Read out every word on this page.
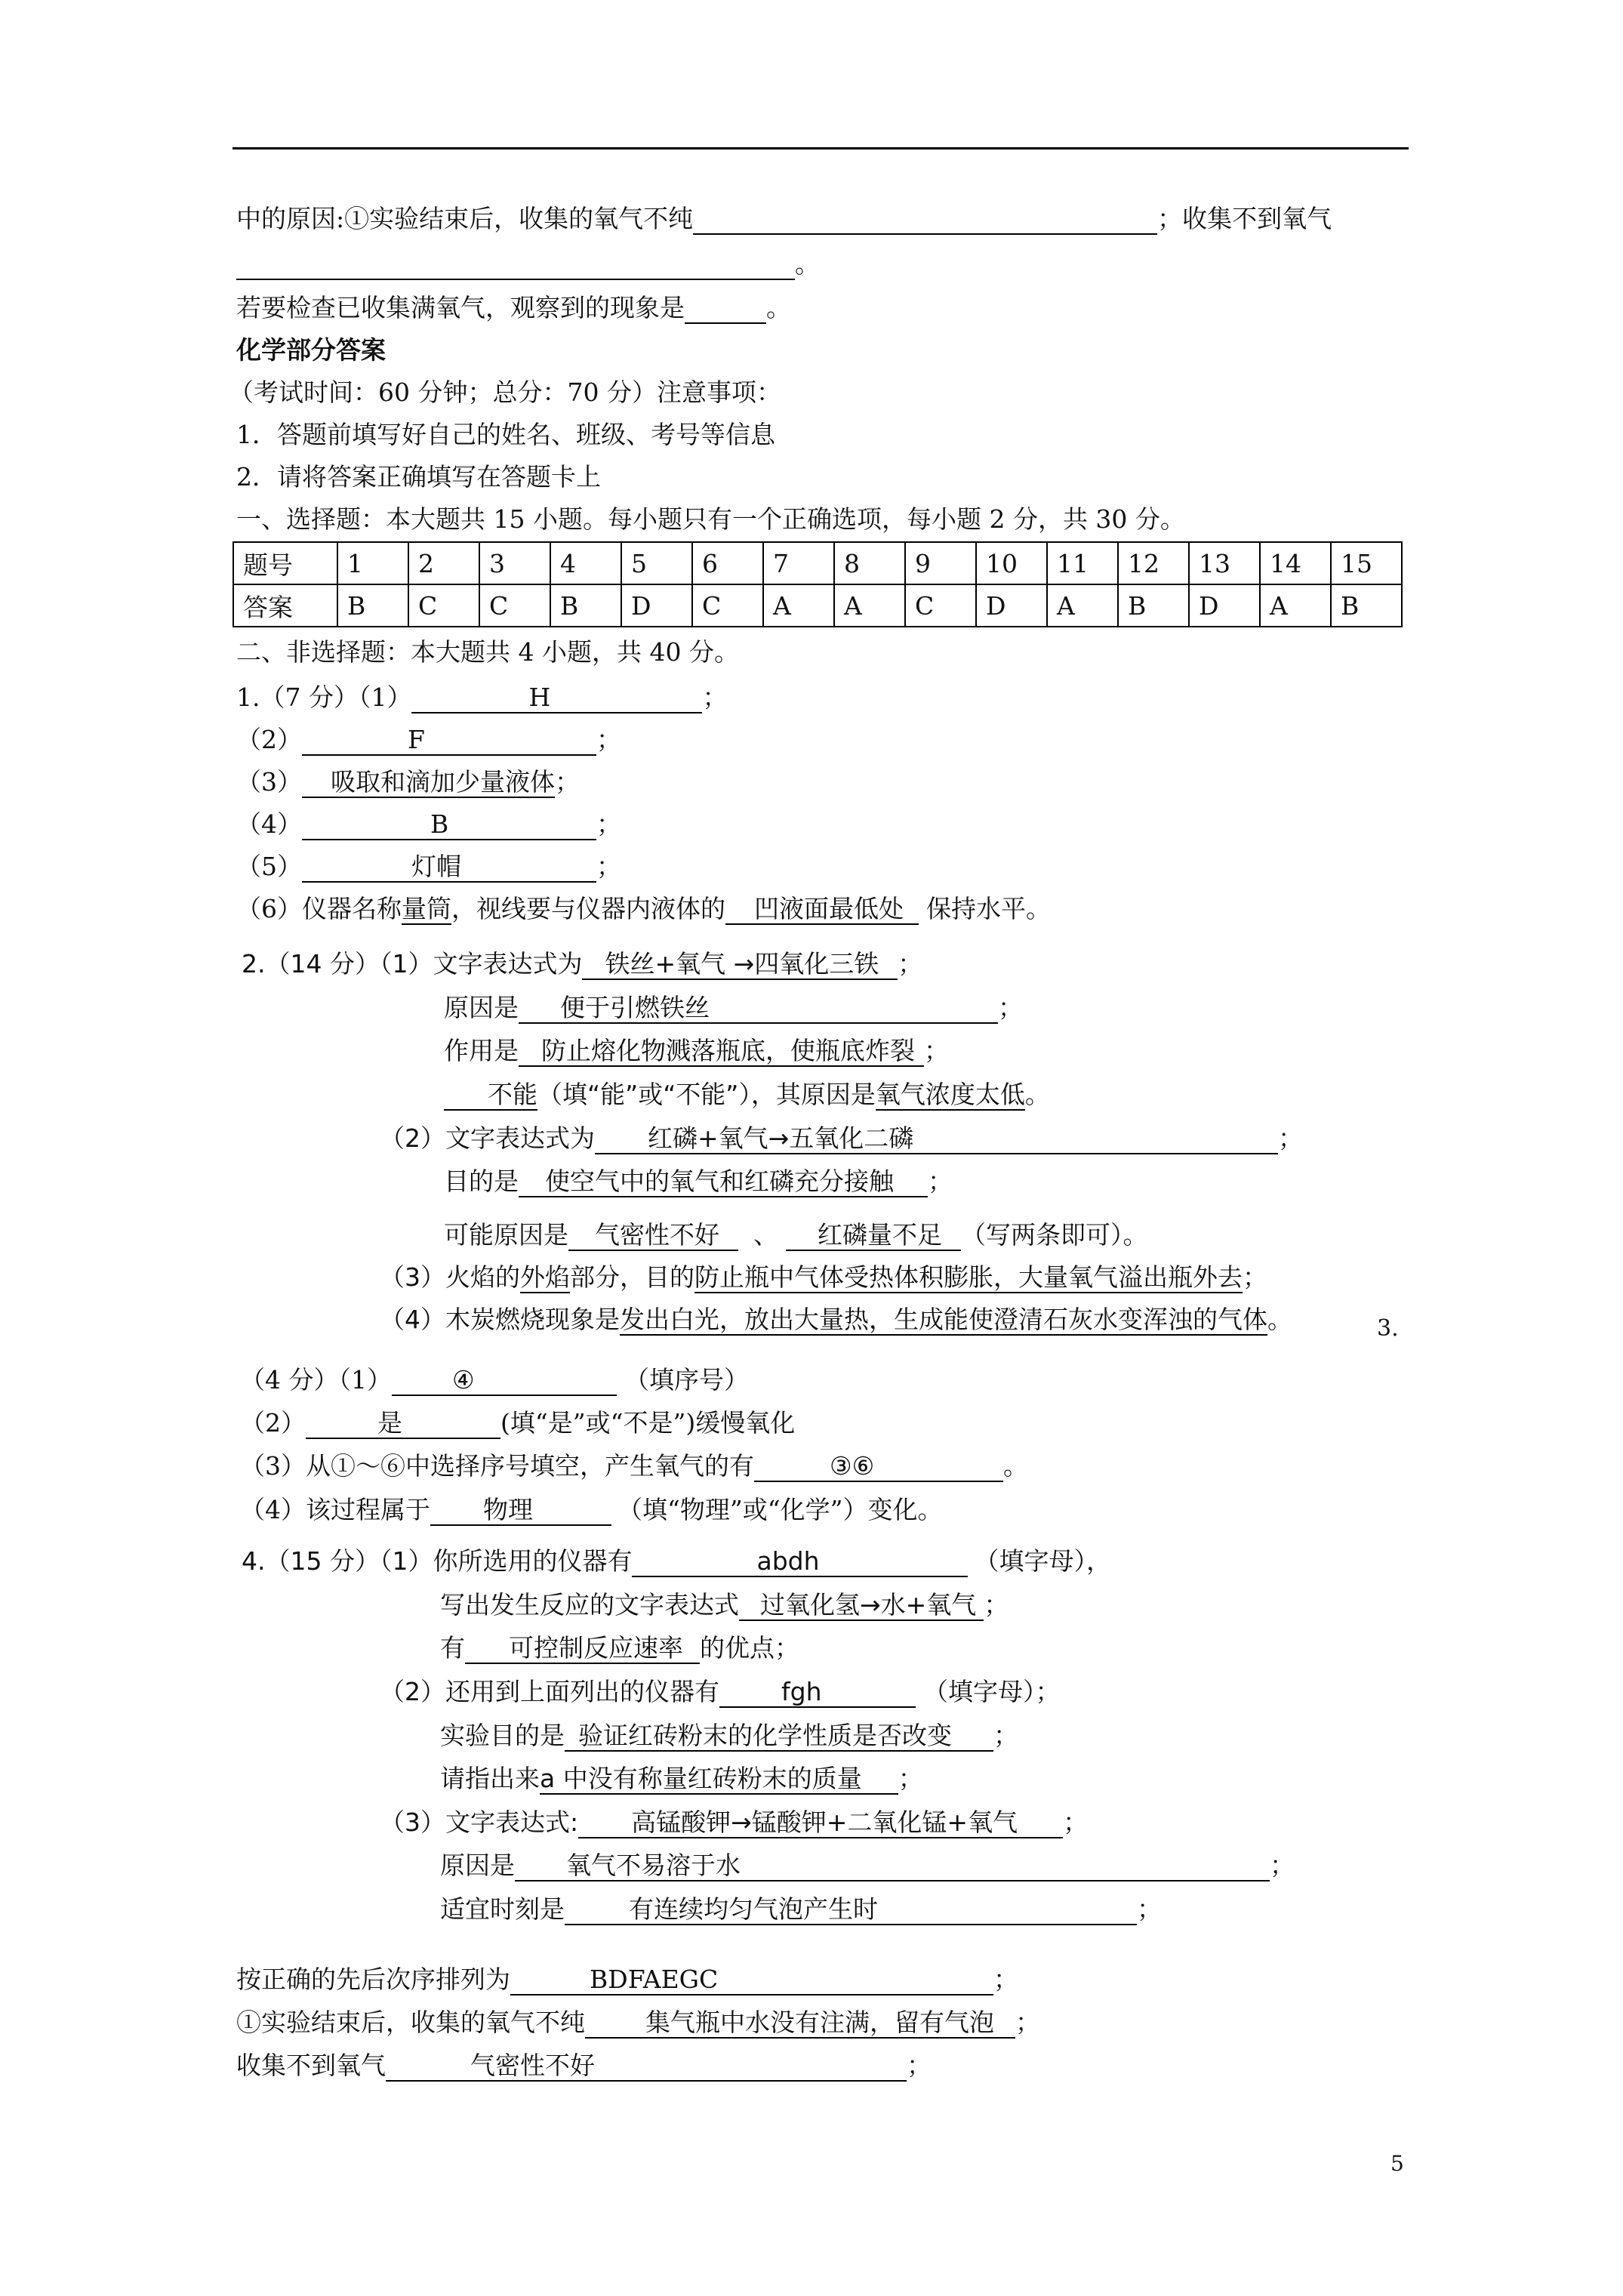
中的原因:①实验结束后，收集的氧气不纯	；收集不到氧气
。
若要检查已收集满氧气，观察到的现象是	。
化学部分答案
（考试时间：60 分钟；总分：70 分）注意事项：
1．答题前填写好自己的姓名、班级、考号等信息
2．请将答案正确填写在答题卡上
一、选择题：本大题共 15 小题。每小题只有一个正确选项，每小题 2 分，共 30 分。
题号	1	2	3	4	5	6	7	8	9	10	11	12	13	14	15
答案	B	C	C	B	D	C	A	A	C	D	A	B	D	A	B
二、非选择题：本大题共 4 小题，共 40 分。
1.（7 分）（1）	H	；
（2）	F	；
（3） 吸取和滴加少量液体；
（4）	B	；
（5）	灯帽	；
（6）仪器名称量筒，视线要与仪器内液体的 凹液面最低处 保持水平。
2.（14 分）（1）文字表达式为 铁丝+氧气 →四氧化三铁 ；
原因是 便于引燃铁丝	；
作用是 防止熔化物溅落瓶底，使瓶底炸裂 ；
不能（填“能”或“不能”），其原因是氧气浓度太低。
（2）文字表达式为 红磷+氧气→五氧化二磷	；
目的是 使空气中的氧气和红磷充分接触 ；
可能原因是 气密性不好 、 红磷量不足 （写两条即可）。
（3）火焰的外焰部分，目的防止瓶中气体受热体积膨胀，大量氧气溢出瓶外去；
（4）木炭燃烧现象是发出白光，放出大量热，生成能使澄清石灰水变浑浊的气体。	3.
（4 分）（1） ④	（填序号）
（2）	是	(填“是”或“不是”)缓慢氧化
（3）从①～⑥中选择序号填空，产生氧气的有	③⑥	。
（4）该过程属于 物理	（填“物理”或“化学”）变化。
4.（15 分）（1）你所选用的仪器有	abdh	（填字母），
写出发生反应的文字表达式 过氧化氢→水+氧气 ；
有 可控制反应速率 的优点；
（2）还用到上面列出的仪器有 fgh	（填字母）；
实验目的是 验证红砖粉末的化学性质是否改变 ；
请指出来a 中没有称量红砖粉末的质量 ；
（3）文字表达式: 高锰酸钾→锰酸钾+二氧化锰+氧气 ；
原因是 氧气不易溶于水	；
适宜时刻是	有连续均匀气泡产生时	；
按正确的先后次序排列为	BDFAEGC	；
①实验结束后，收集的氧气不纯 集气瓶中水没有注满，留有气泡 ；
收集不到氧气	气密性不好	；
5
